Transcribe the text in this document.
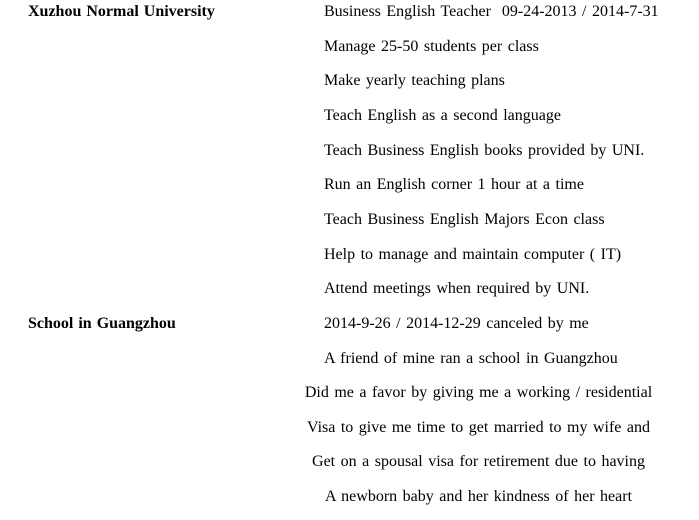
Xuzhou Normal University

	Business English Teacher  09-24-2013 / 2014-7-31

Manage 25-50 students per class

Make yearly teaching plans

Teach English as a second language

Teach Business English books provided by UNI.

Run an English corner 1 hour at a time

Teach Business English Majors Econ class

Help to manage and maintain computer ( IT)

Attend meetings when required by UNI.

School in Guangzhou

	2014-9-26 / 2014-12-29 canceled by me

A friend of mine ran a school in Guangzhou

Did me a favor by giving me a working / residential

Visa to give me time to get married to my wife and

Get on a spousal visa for retirement due to having

A newborn baby and her kindness of her heart
